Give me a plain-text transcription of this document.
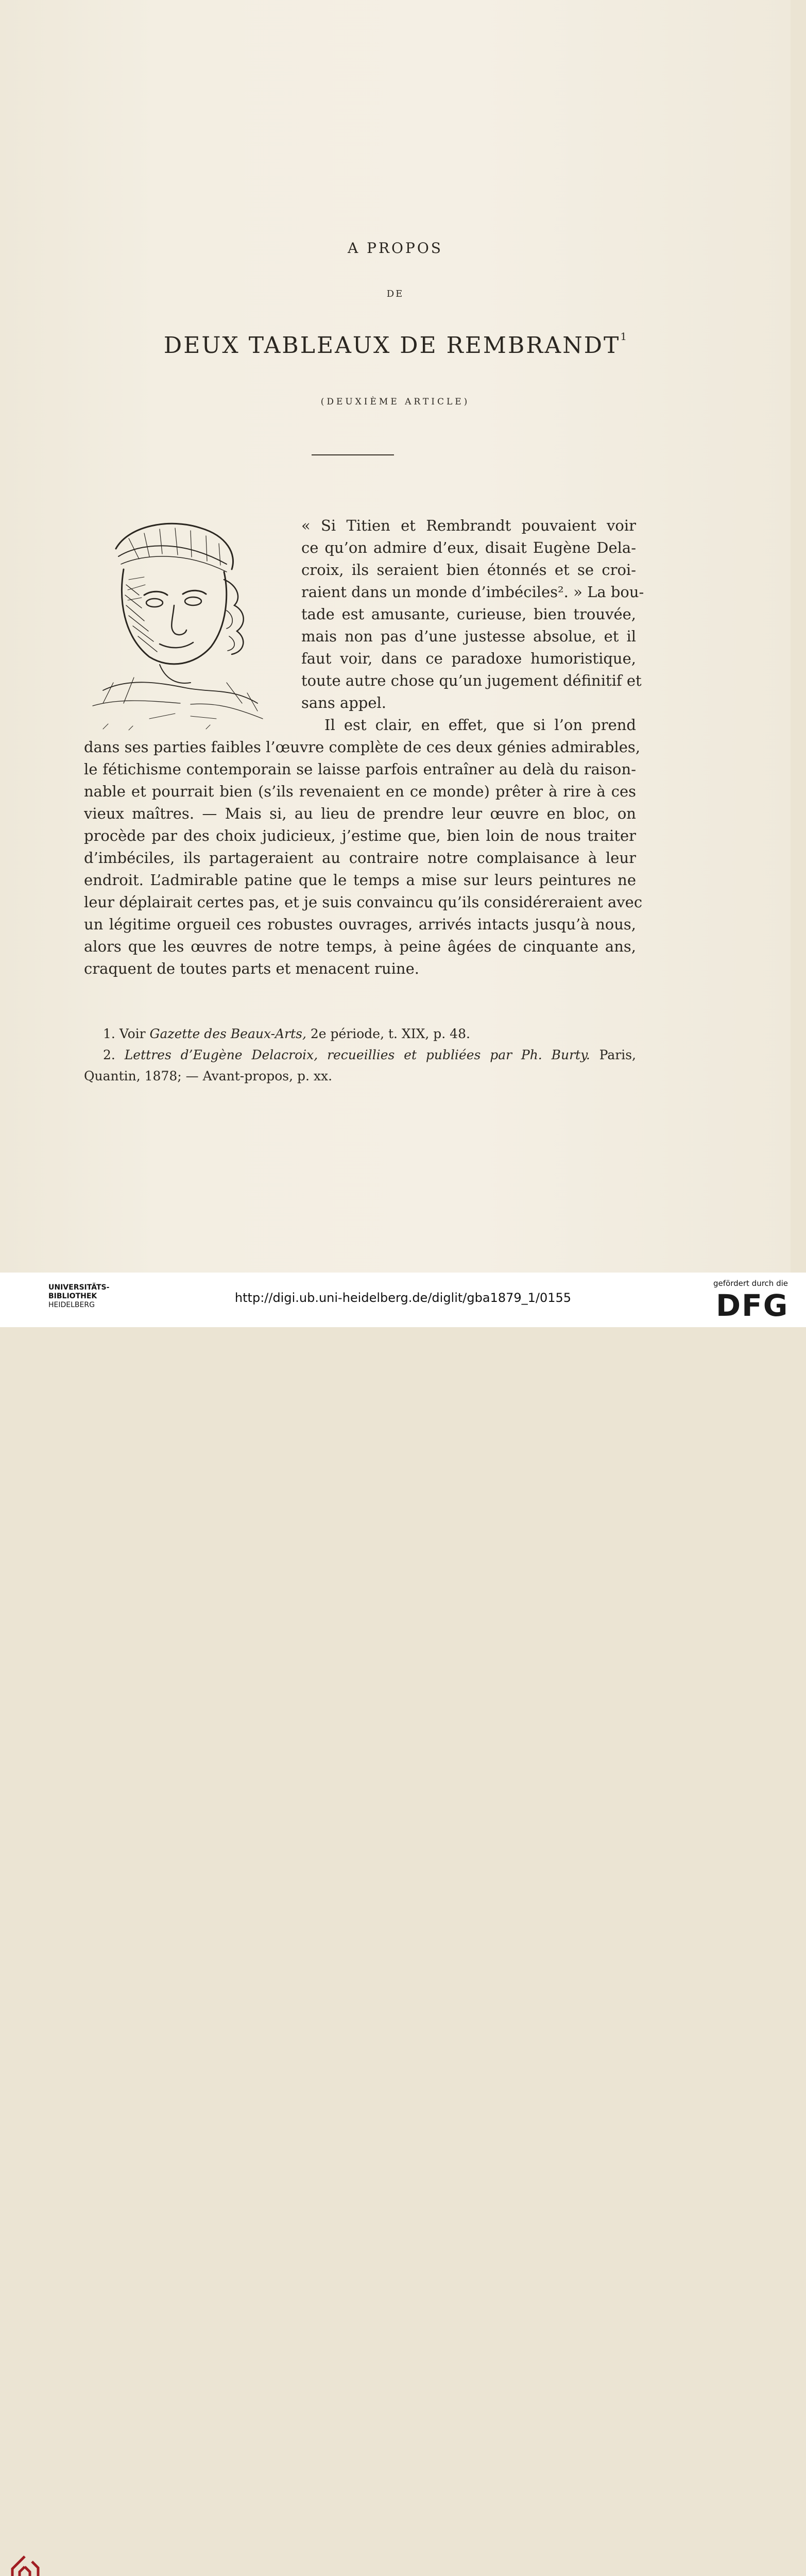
A PROPOS
DE
DEUX TABLEAUX DE REMBRANDT$^1$
(DEUXIÈME ARTICLE)
« Si Titien et Rembrandt pouvaient voir
ce qu’on admire d’eux, disait Eugène Dela-
croix, ils seraient bien étonnés et se croi-
raient dans un monde d’imbéciles². » La bou-
tade est amusante, curieuse, bien trouvée,
mais non pas d’une justesse absolue, et il
faut voir, dans ce paradoxe humoristique,
toute autre chose qu’un jugement définitif et
sans appel.
Il est clair, en effet, que si l’on prend
dans ses parties faibles l’œuvre complète de ces deux génies admirables,
le fétichisme contemporain se laisse parfois entraîner au delà du raison-
nable et pourrait bien (s’ils revenaient en ce monde) prêter à rire à ces
vieux maîtres. — Mais si, au lieu de prendre leur œuvre en bloc, on
procède par des choix judicieux, j’estime que, bien loin de nous traiter
d’imbéciles, ils partageraient au contraire notre complaisance à leur
endroit. L’admirable patine que le temps a mise sur leurs peintures ne
leur déplairait certes pas, et je suis convaincu qu’ils considéreraient avec
un légitime orgueil ces robustes ouvrages, arrivés intacts jusqu’à nous,
alors que les œuvres de notre temps, à peine âgées de cinquante ans,
craquent de toutes parts et menacent ruine.
1. Voir Gazette des Beaux-Arts, 2e période, t. XIX, p. 48.
2. Lettres d’Eugène Delacroix, recueillies et publiées par Ph. Burty. Paris,
Quantin, 1878; — Avant-propos, p. xx.
UNIVERSITÄTS-
BIBLIOTHEK
HEIDELBERG	http://digi.ub.uni-heidelberg.de/diglit/gba1879_1/0155
gefördert durch die
DFG
